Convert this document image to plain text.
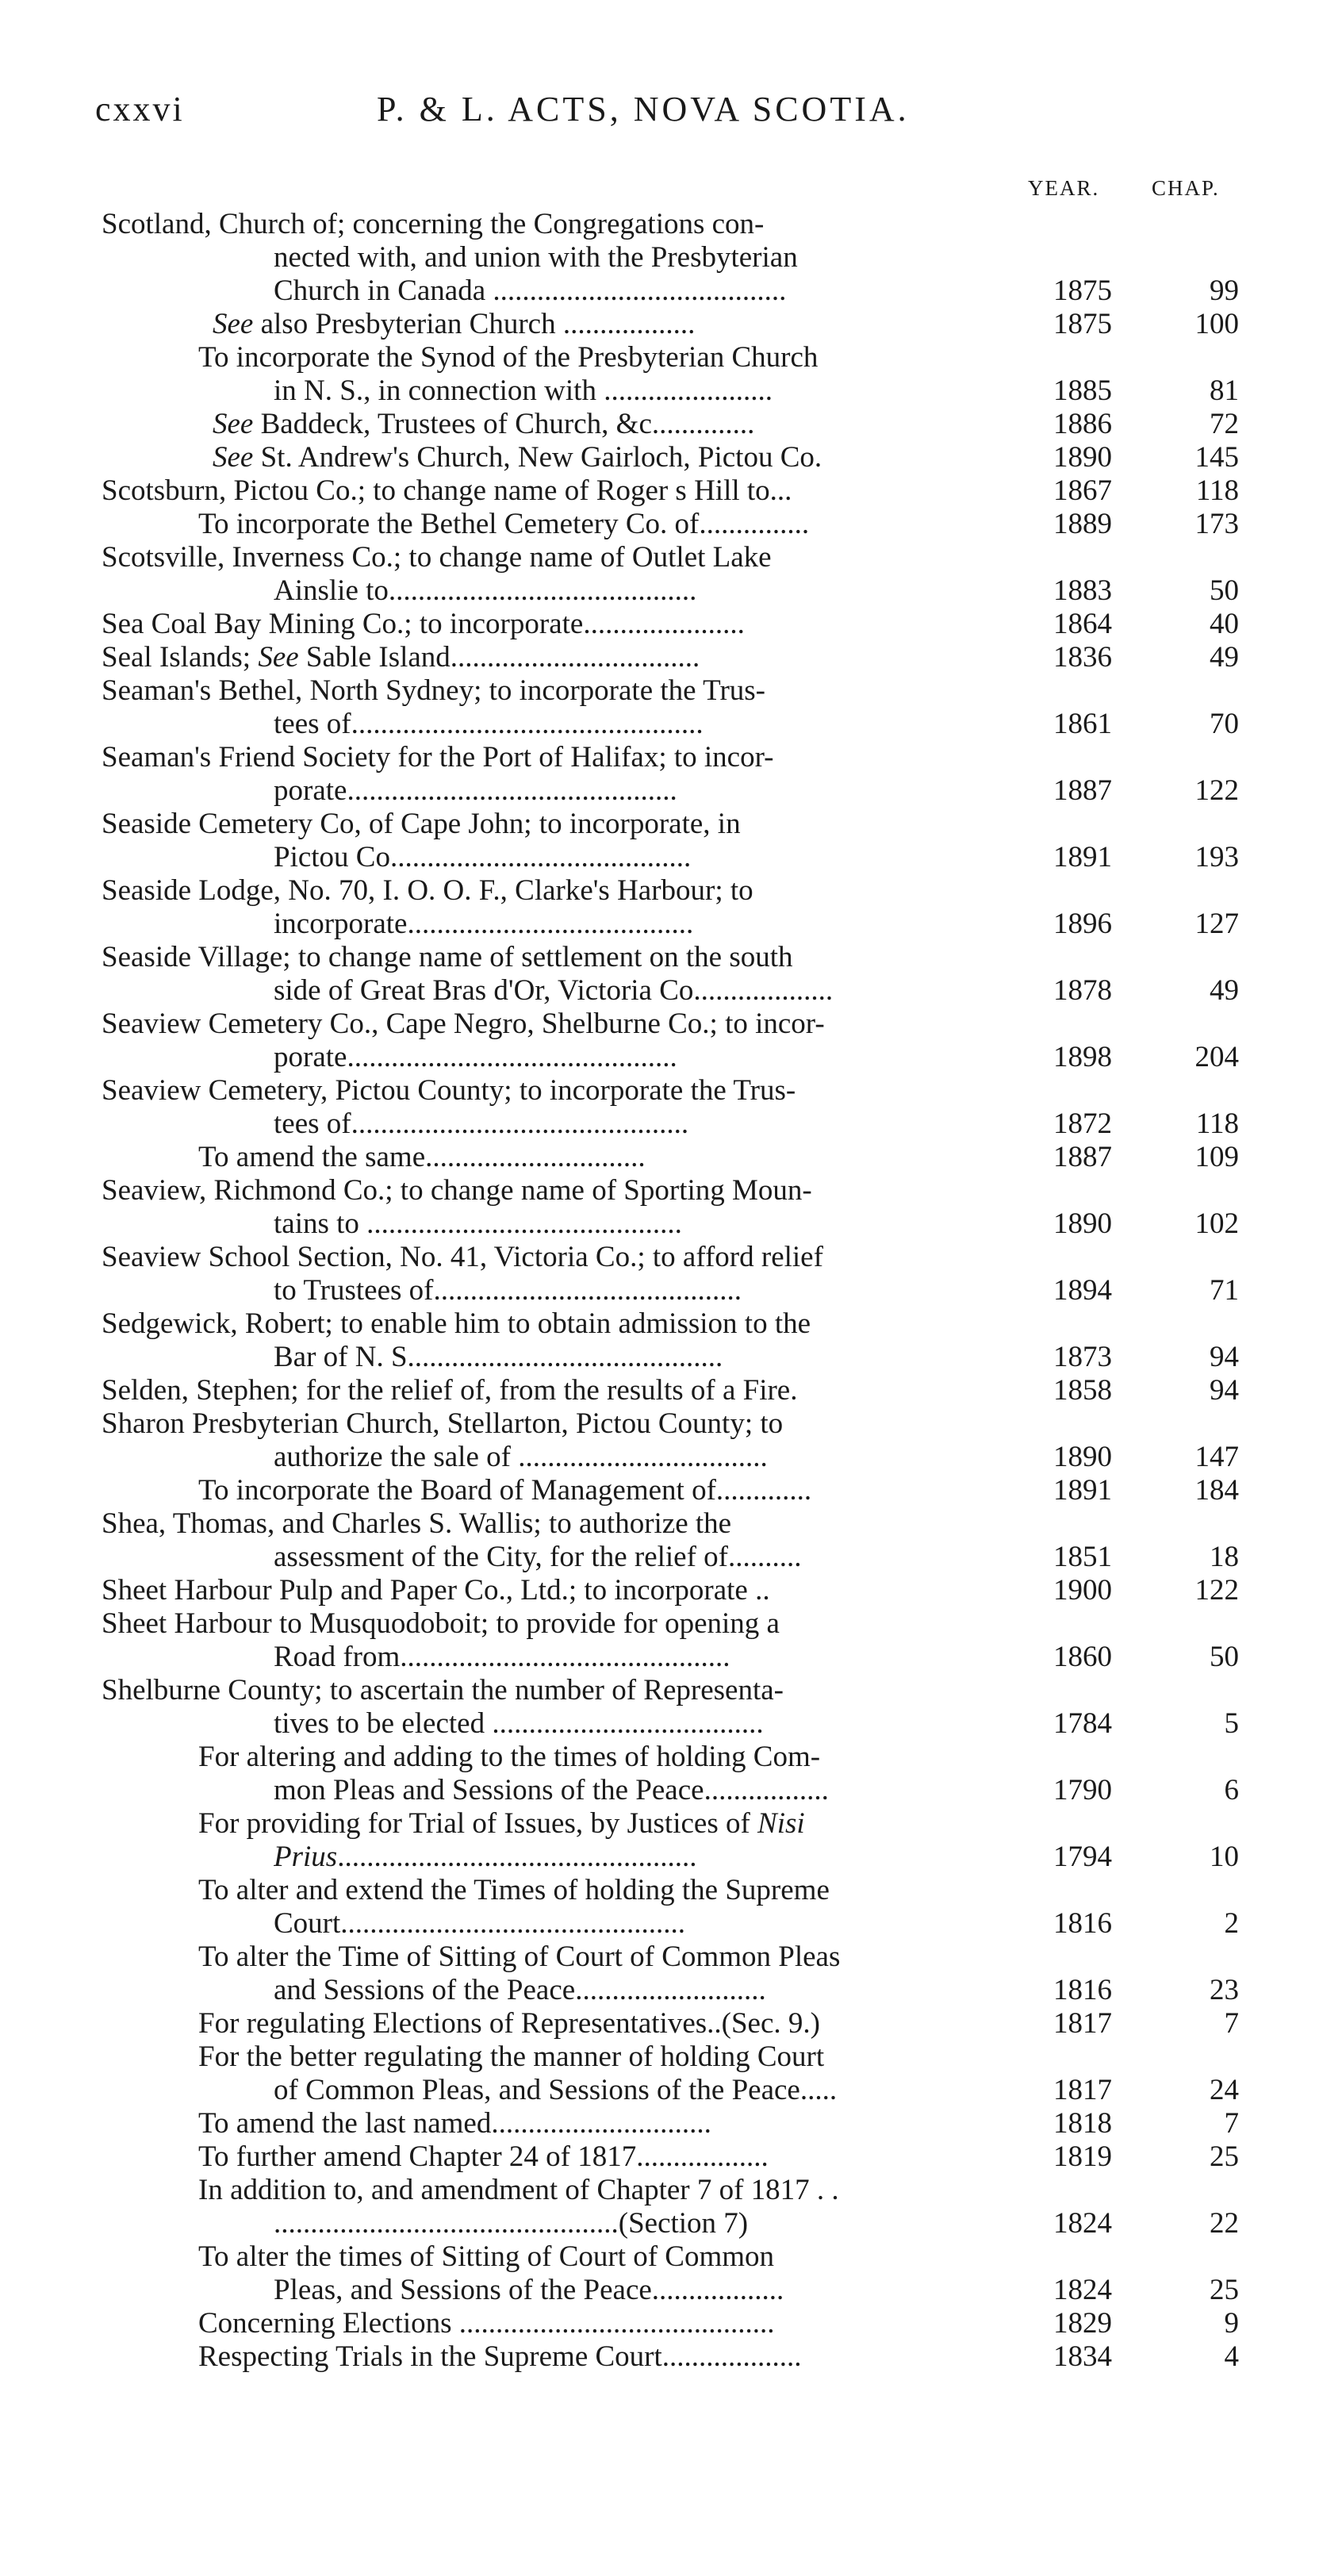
cxxvi	P. & L. ACTS, NOVA SCOTIA.
YEAR. CHAP.
Scotland, Church of; concerning the Congregations con-
nected with, and union with the Presbyterian
Church in Canada ........................................	1875	99
See also Presbyterian Church ..................	1875	100
To incorporate the Synod of the Presbyterian Church
in N. S., in connection with .......................	1885	81
See Baddeck, Trustees of Church, &c..............	1886	72
See St. Andrew's Church, New Gairloch, Pictou Co.	1890	145
Scotsburn, Pictou Co.; to change name of Roger s Hill to...	1867	118
To incorporate the Bethel Cemetery Co. of...............	1889	173
Scotsville, Inverness Co.; to change name of Outlet Lake
Ainslie to..........................................	1883	50
Sea Coal Bay Mining Co.; to incorporate......................	1864	40
Seal Islands; See Sable Island..................................	1836	49
Seaman's Bethel, North Sydney; to incorporate the Trus-
tees of................................................	1861	70
Seaman's Friend Society for the Port of Halifax; to incor-
porate.............................................	1887	122
Seaside Cemetery Co, of Cape John; to incorporate, in
Pictou Co.........................................	1891	193
Seaside Lodge, No. 70, I. O. O. F., Clarke's Harbour; to
incorporate.......................................	1896	127
Seaside Village; to change name of settlement on the south
side of Great Bras d'Or, Victoria Co...................	1878	49
Seaview Cemetery Co., Cape Negro, Shelburne Co.; to incor-
porate.............................................	1898	204
Seaview Cemetery, Pictou County; to incorporate the Trus-
tees of..............................................	1872	118
To amend the same..............................	1887	109
Seaview, Richmond Co.; to change name of Sporting Moun-
tains to ...........................................	1890	102
Seaview School Section, No. 41, Victoria Co.; to afford relief
to Trustees of..........................................	1894	71
Sedgewick, Robert; to enable him to obtain admission to the
Bar of N. S...........................................	1873	94
Selden, Stephen; for the relief of, from the results of a Fire.	1858	94
Sharon Presbyterian Church, Stellarton, Pictou County; to
authorize the sale of ..................................	1890	147
To incorporate the Board of Management of.............	1891	184
Shea, Thomas, and Charles S. Wallis; to authorize the
assessment of the City, for the relief of..........	1851	18
Sheet Harbour Pulp and Paper Co., Ltd.; to incorporate ..	1900	122
Sheet Harbour to Musquodoboit; to provide for opening a
Road from.............................................	1860	50
Shelburne County; to ascertain the number of Representa-
tives to be elected .....................................	1784	5
For altering and adding to the times of holding Com-
mon Pleas and Sessions of the Peace.................	1790	6
For providing for Trial of Issues, by Justices of Nisi
Prius.................................................	1794	10
To alter and extend the Times of holding the Supreme
Court...............................................	1816	2
To alter the Time of Sitting of Court of Common Pleas
and Sessions of the Peace..........................	1816	23
For regulating Elections of Representatives..(Sec. 9.)	1817	7
For the better regulating the manner of holding Court
of Common Pleas, and Sessions of the Peace.....	1817	24
To amend the last named..............................	1818	7
To further amend Chapter 24 of 1817..................	1819	25
In addition to, and amendment of Chapter 7 of 1817 . .
...............................................(Section 7)	1824	22
To alter the times of Sitting of Court of Common
Pleas, and Sessions of the Peace..................	1824	25
Concerning Elections ...........................................	1829	9
Respecting Trials in the Supreme Court...................	1834	4
